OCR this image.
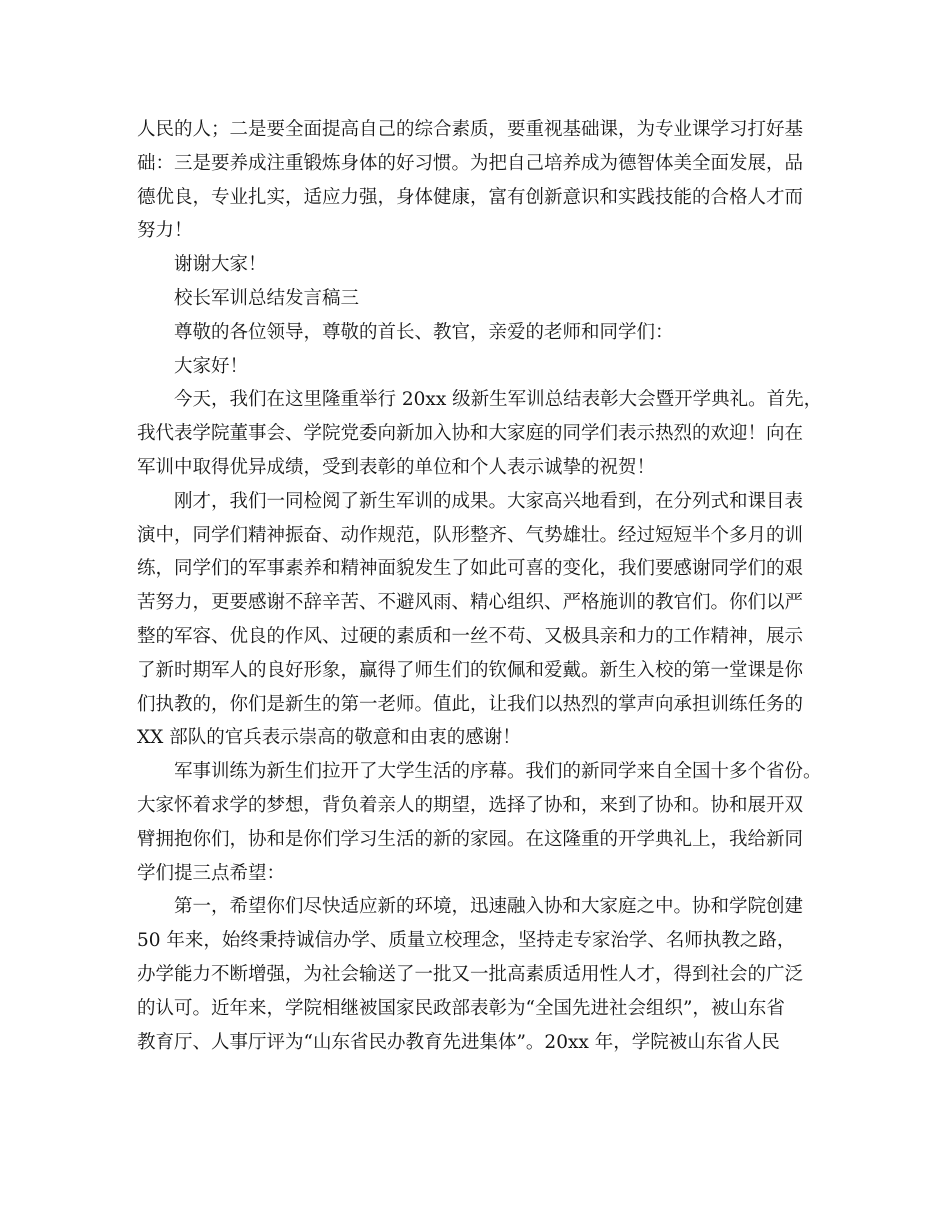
人民的人；二是要全面提高自己的综合素质，要重视基础课，为专业课学习打好基
础：三是要养成注重锻炼身体的好习惯。为把自己培养成为德智体美全面发展，品
德优良，专业扎实，适应力强，身体健康，富有创新意识和实践技能的合格人才而
努力！
谢谢大家！
校长军训总结发言稿三
尊敬的各位领导，尊敬的首长、教官，亲爱的老师和同学们：
大家好！
今天，我们在这里隆重举行 20xx 级新生军训总结表彰大会暨开学典礼。首先，
我代表学院董事会、学院党委向新加入协和大家庭的同学们表示热烈的欢迎！向在
军训中取得优异成绩，受到表彰的单位和个人表示诚挚的祝贺！
刚才，我们一同检阅了新生军训的成果。大家高兴地看到，在分列式和课目表
演中，同学们精神振奋、动作规范，队形整齐、气势雄壮。经过短短半个多月的训
练，同学们的军事素养和精神面貌发生了如此可喜的变化，我们要感谢同学们的艰
苦努力，更要感谢不辞辛苦、不避风雨、精心组织、严格施训的教官们。你们以严
整的军容、优良的作风、过硬的素质和一丝不苟、又极具亲和力的工作精神，展示
了新时期军人的良好形象，赢得了师生们的钦佩和爱戴。新生入校的第一堂课是你
们执教的，你们是新生的第一老师。值此，让我们以热烈的掌声向承担训练任务的
XX 部队的官兵表示崇高的敬意和由衷的感谢！
军事训练为新生们拉开了大学生活的序幕。我们的新同学来自全国十多个省份。
大家怀着求学的梦想，背负着亲人的期望，选择了协和，来到了协和。协和展开双
臂拥抱你们，协和是你们学习生活的新的家园。在这隆重的开学典礼上，我给新同
学们提三点希望：
第一，希望你们尽快适应新的环境，迅速融入协和大家庭之中。协和学院创建
50 年来，始终秉持诚信办学、质量立校理念，坚持走专家治学、名师执教之路，
办学能力不断增强，为社会输送了一批又一批高素质适用性人才，得到社会的广泛
的认可。近年来，学院相继被国家民政部表彰为“全国先进社会组织”，被山东省
教育厅、人事厅评为“山东省民办教育先进集体”。20xx 年，学院被山东省人民
